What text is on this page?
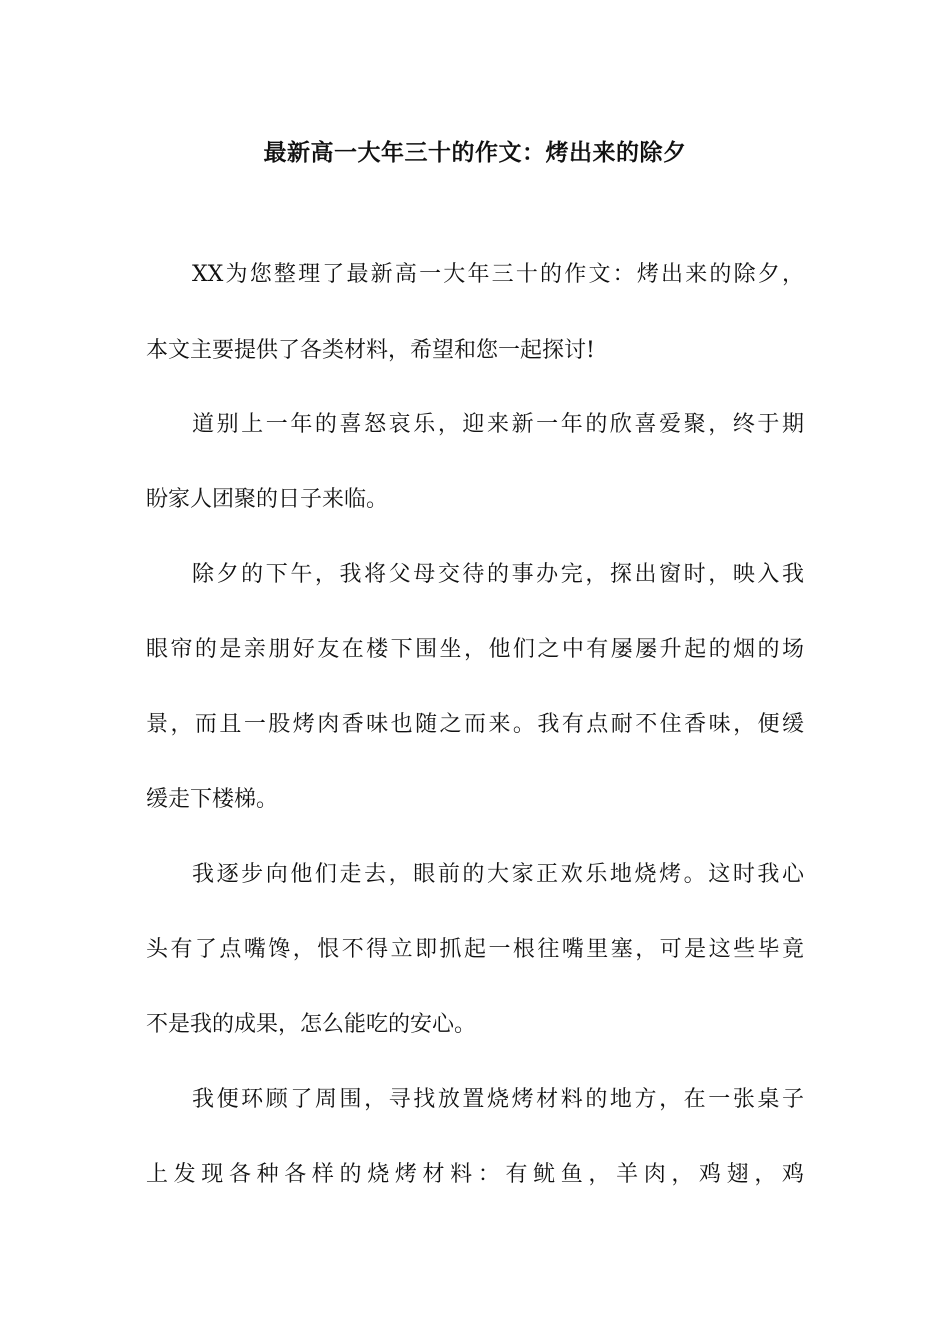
最新高一大年三十的作文：烤出来的除夕
XX为您整理了最新高一大年三十的作文：烤出来的除夕，
本文主要提供了各类材料，希望和您一起探讨!
道别上一年的喜怒哀乐，迎来新一年的欣喜爱聚，终于期
盼家人团聚的日子来临。
除夕的下午，我将父母交待的事办完，探出窗时，映入我
眼帘的是亲朋好友在楼下围坐，他们之中有屡屡升起的烟的场
景，而且一股烤肉香味也随之而来。我有点耐不住香味，便缓
缓走下楼梯。
我逐步向他们走去，眼前的大家正欢乐地烧烤。这时我心
头有了点嘴馋，恨不得立即抓起一根往嘴里塞，可是这些毕竟
不是我的成果，怎么能吃的安心。
我便环顾了周围，寻找放置烧烤材料的地方，在一张桌子
上发现各种各样的烧烤材料：有鱿鱼，羊肉，鸡翅，鸡
